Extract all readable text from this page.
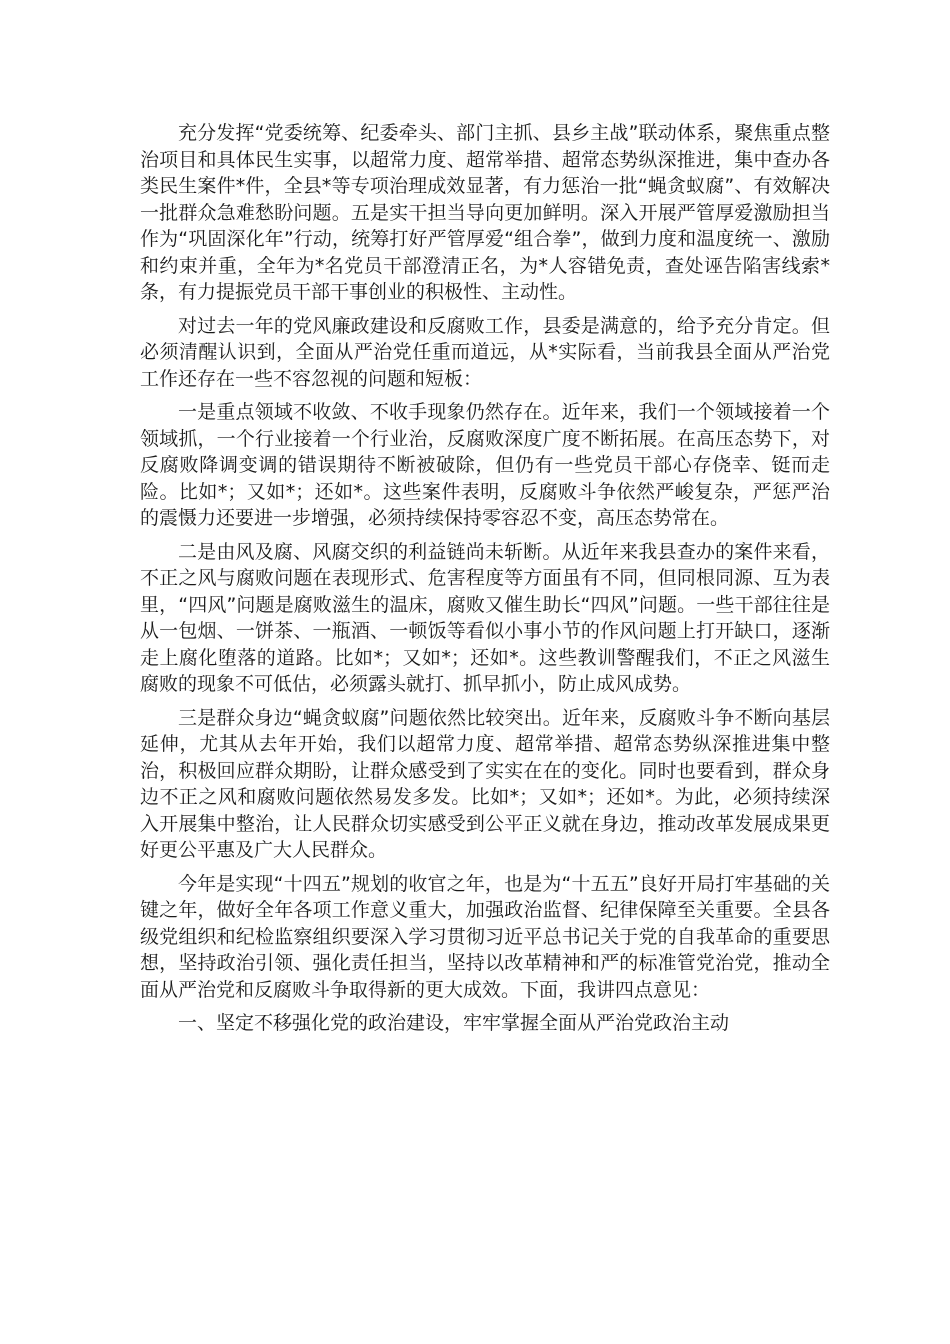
充分发挥“党委统筹、纪委牵头、部门主抓、县乡主战”联动体系，聚焦重点整治项目和具体民生实事，以超常力度、超常举措、超常态势纵深推进，集中查办各类民生案件*件，全县*等专项治理成效显著，有力惩治一批“蝇贪蚁腐”、有效解决一批群众急难愁盼问题。五是实干担当导向更加鲜明。深入开展严管厚爱激励担当作为“巩固深化年”行动，统筹打好严管厚爱“组合拳”，做到力度和温度统一、激励和约束并重，全年为*名党员干部澄清正名，为*人容错免责，查处诬告陷害线索*条，有力提振党员干部干事创业的积极性、主动性。

对过去一年的党风廉政建设和反腐败工作，县委是满意的，给予充分肯定。但必须清醒认识到，全面从严治党任重而道远，从*实际看，当前我县全面从严治党工作还存在一些不容忽视的问题和短板：

一是重点领域不收敛、不收手现象仍然存在。近年来，我们一个领域接着一个领域抓，一个行业接着一个行业治，反腐败深度广度不断拓展。在高压态势下，对反腐败降调变调的错误期待不断被破除，但仍有一些党员干部心存侥幸、铤而走险。比如*；又如*；还如*。这些案件表明，反腐败斗争依然严峻复杂，严惩严治的震慑力还要进一步增强，必须持续保持零容忍不变，高压态势常在。

二是由风及腐、风腐交织的利益链尚未斩断。从近年来我县查办的案件来看，不正之风与腐败问题在表现形式、危害程度等方面虽有不同，但同根同源、互为表里，“四风”问题是腐败滋生的温床，腐败又催生助长“四风”问题。一些干部往往是从一包烟、一饼茶、一瓶酒、一顿饭等看似小事小节的作风问题上打开缺口，逐渐走上腐化堕落的道路。比如*；又如*；还如*。这些教训警醒我们，不正之风滋生腐败的现象不可低估，必须露头就打、抓早抓小，防止成风成势。

三是群众身边“蝇贪蚁腐”问题依然比较突出。近年来，反腐败斗争不断向基层延伸，尤其从去年开始，我们以超常力度、超常举措、超常态势纵深推进集中整治，积极回应群众期盼，让群众感受到了实实在在的变化。同时也要看到，群众身边不正之风和腐败问题依然易发多发。比如*；又如*；还如*。为此，必须持续深入开展集中整治，让人民群众切实感受到公平正义就在身边，推动改革发展成果更好更公平惠及广大人民群众。

今年是实现“十四五”规划的收官之年，也是为“十五五”良好开局打牢基础的关键之年，做好全年各项工作意义重大，加强政治监督、纪律保障至关重要。全县各级党组织和纪检监察组织要深入学习贯彻习近平总书记关于党的自我革命的重要思想，坚持政治引领、强化责任担当，坚持以改革精神和严的标准管党治党，推动全面从严治党和反腐败斗争取得新的更大成效。下面，我讲四点意见：

一、坚定不移强化党的政治建设，牢牢掌握全面从严治党政治主动
